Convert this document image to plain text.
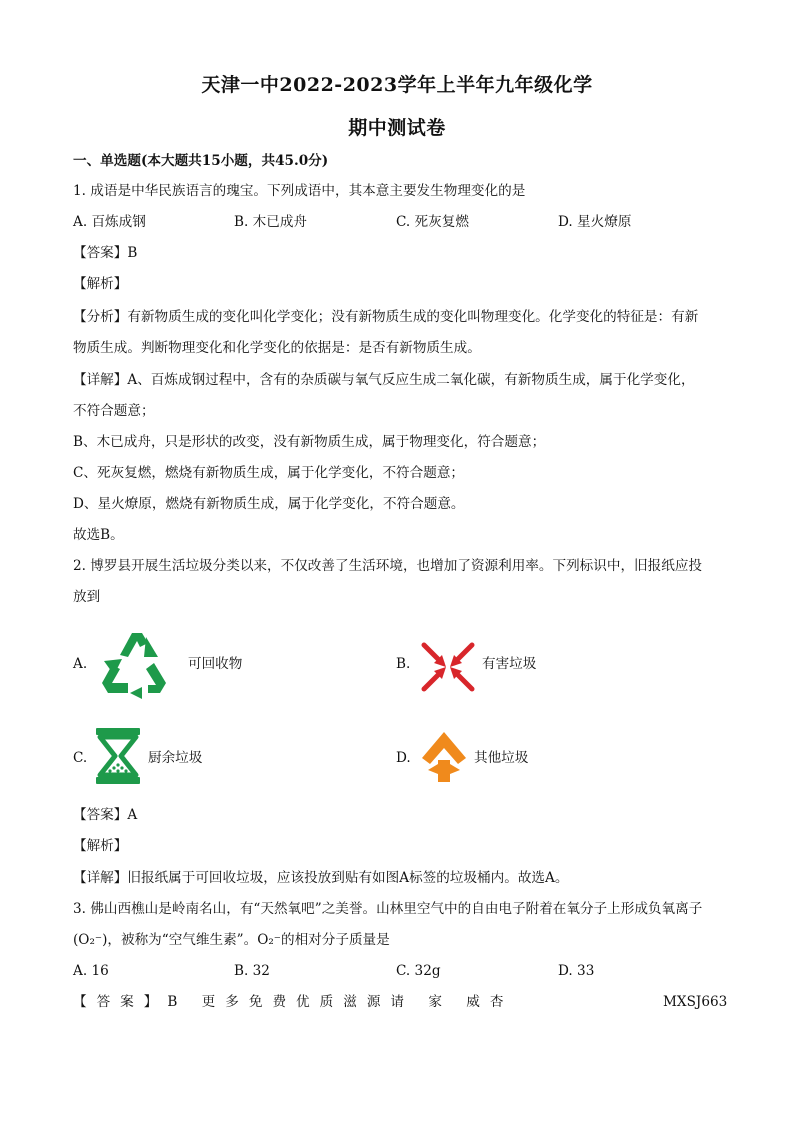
天津一中2022-2023学年上半年九年级化学
期中测试卷
一、单选题(本大题共15小题，共45.0分)
1. 成语是中华民族语言的瑰宝。下列成语中，其本意主要发生物理变化的是
A. 百炼成钢	B. 木已成舟	C. 死灰复燃	D. 星火燎原
【答案】B
【解析】
【分析】有新物质生成的变化叫化学变化；没有新物质生成的变化叫物理变化。化学变化的特征是：有新
物质生成。判断物理变化和化学变化的依据是：是否有新物质生成。
【详解】A、百炼成钢过程中，含有的杂质碳与氧气反应生成二氧化碳，有新物质生成，属于化学变化，
不符合题意；
B、木已成舟，只是形状的改变，没有新物质生成，属于物理变化，符合题意；
C、死灰复燃，燃烧有新物质生成，属于化学变化，不符合题意；
D、星火燎原，燃烧有新物质生成，属于化学变化，不符合题意。
故选B。
2. 博罗县开展生活垃圾分类以来，不仅改善了生活环境，也增加了资源利用率。下列标识中，旧报纸应投
放到
A.	可回收物	B.	有害垃圾
C.	厨余垃圾	D.	其他垃圾
【答案】A
【解析】
【详解】旧报纸属于可回收垃圾，应该投放到贴有如图A标签的垃圾桶内。故选A。
3. 佛山西樵山是岭南名山，有“天然氧吧”之美誉。山林里空气中的自由电子附着在氧分子上形成负氧离子
(O₂⁻)，被称为“空气维生素”。O₂⁻的相对分子质量是
A. 16	B. 32	C. 32g	D. 33
【答案】B 更多免费优质滋源请 家 威杏	MXSJ663
